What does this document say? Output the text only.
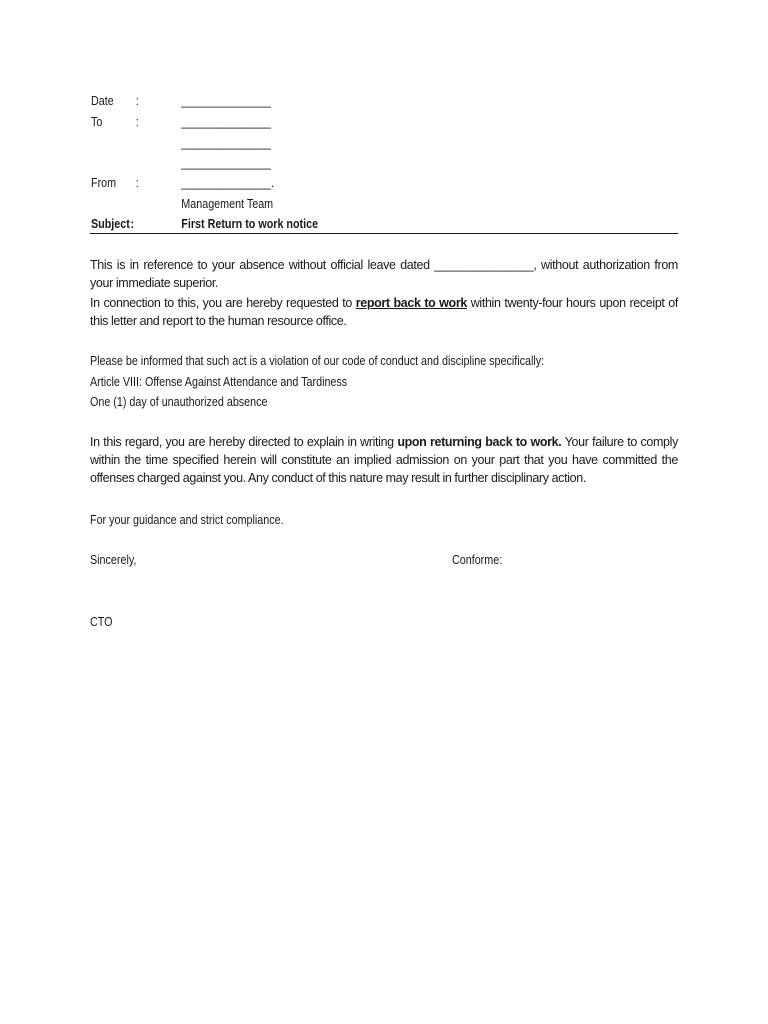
Date :	_______________
To	:	_______________
_______________
_______________
From :	_______________.
Management Team
Subject :	First Return to work notice
This is in reference to your absence without official leave dated _______________, without authorization from your immediate superior.
In connection to this, you are hereby requested to report back to work within twenty-four hours upon receipt of this letter and report to the human resource office.
Please be informed that such act is a violation of our code of conduct and discipline specifically:
Article VIII: Offense Against Attendance and Tardiness
One (1) day of unauthorized absence
In this regard, you are hereby directed to explain in writing upon returning back to work. Your failure to comply within the time specified herein will constitute an implied admission on your part that you have committed the offenses charged against you. Any conduct of this nature may result in further disciplinary action.
For your guidance and strict compliance.
Sincerely,	Conforme:
CTO
